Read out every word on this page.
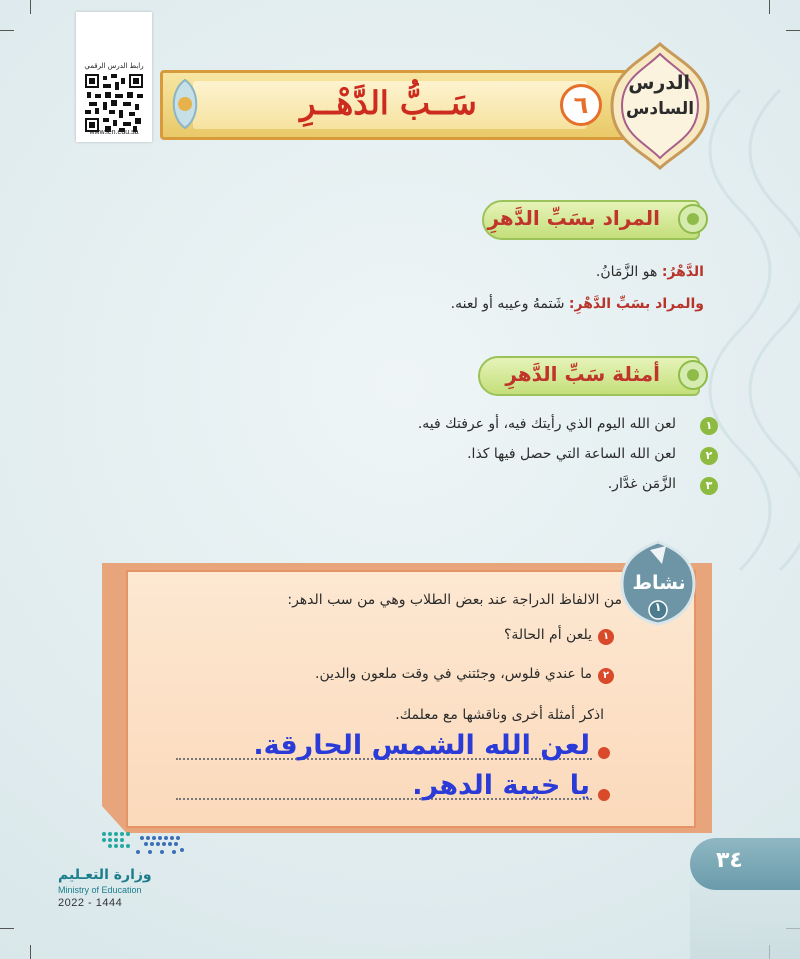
رابط الدرس الرقمي
www.ien.edu.sa
سَــبُّ الدَّهْــرِ	٦
الدرس
السادس
المراد بسَبِّ الدَّهرِ
الدَّهْرُ: هو الزَّمَانُ.
والمراد بسَبِّ الدَّهْرِ: شَتمهُ وعيبه أو لعنه.
أمثلة سَبِّ الدَّهرِ
١
لعن الله اليوم الذي رأيتك فيه، أو عرفتك فيه.
٢
لعن الله الساعة التي حصل فيها كذا.
٣
الزَّمَن غدَّار.
نشاط
١
من الالفاظ الدراجة عند بعض الطلاب وهي من سب الدهر:
١
يلعن أم الحالة؟
٢
ما عندي فلوس، وجئتني في وقت ملعون والدين.
اذكر أمثلة أخرى وناقشها مع معلمك.
لعن الله الشمس الحارقة.
يا خيبة الدهر.
وزارة التعـليم
Ministry of Education
2022 - 1444
٣٤
